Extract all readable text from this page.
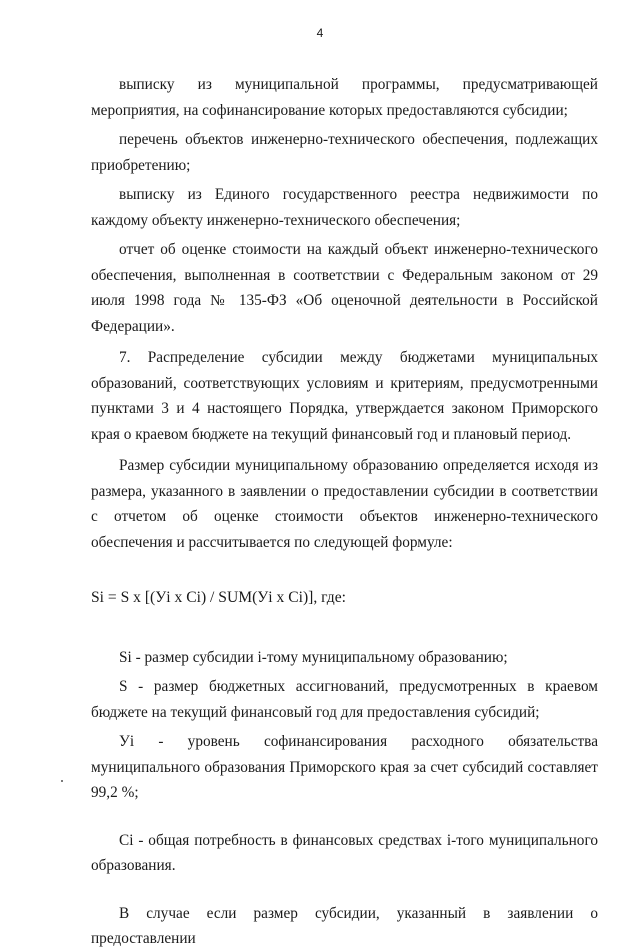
4

выписку из муниципальной программы, предусматривающей мероприятия, на софинансирование которых предоставляются субсидии;

перечень объектов инженерно-технического обеспечения, подлежащих приобретению;

выписку из Единого государственного реестра недвижимости по каждому объекту инженерно-технического обеспечения;

отчет об оценке стоимости на каждый объект инженерно-технического обеспечения, выполненная в соответствии с Федеральным законом от 29 июля 1998 года № 135-ФЗ «Об оценочной деятельности в Российской Федерации».

7. Распределение субсидии между бюджетами муниципальных образований, соответствующих условиям и критериям, предусмотренными пунктами 3 и 4 настоящего Порядка, утверждается законом Приморского края о краевом бюджете на текущий финансовый год и плановый период.

Размер субсидии муниципальному образованию определяется исходя из размера, указанного в заявлении о предоставлении субсидии в соответствии с отчетом об оценке стоимости объектов инженерно-технического обеспечения и рассчитывается по следующей формуле:

Si = S x [(Уi x Ci) / SUM(Уi x Ci)], где:

Si - размер субсидии i-тому муниципальному образованию;

S - размер бюджетных ассигнований, предусмотренных в краевом бюджете на текущий финансовый год для предоставления субсидий;

Уi - уровень софинансирования расходного обязательства муниципального образования Приморского края за счет субсидий составляет 99,2 %;

Ci - общая потребность в финансовых средствах i-того муниципального образования.

В случае если размер субсидии, указанный в заявлении о предоставлении
